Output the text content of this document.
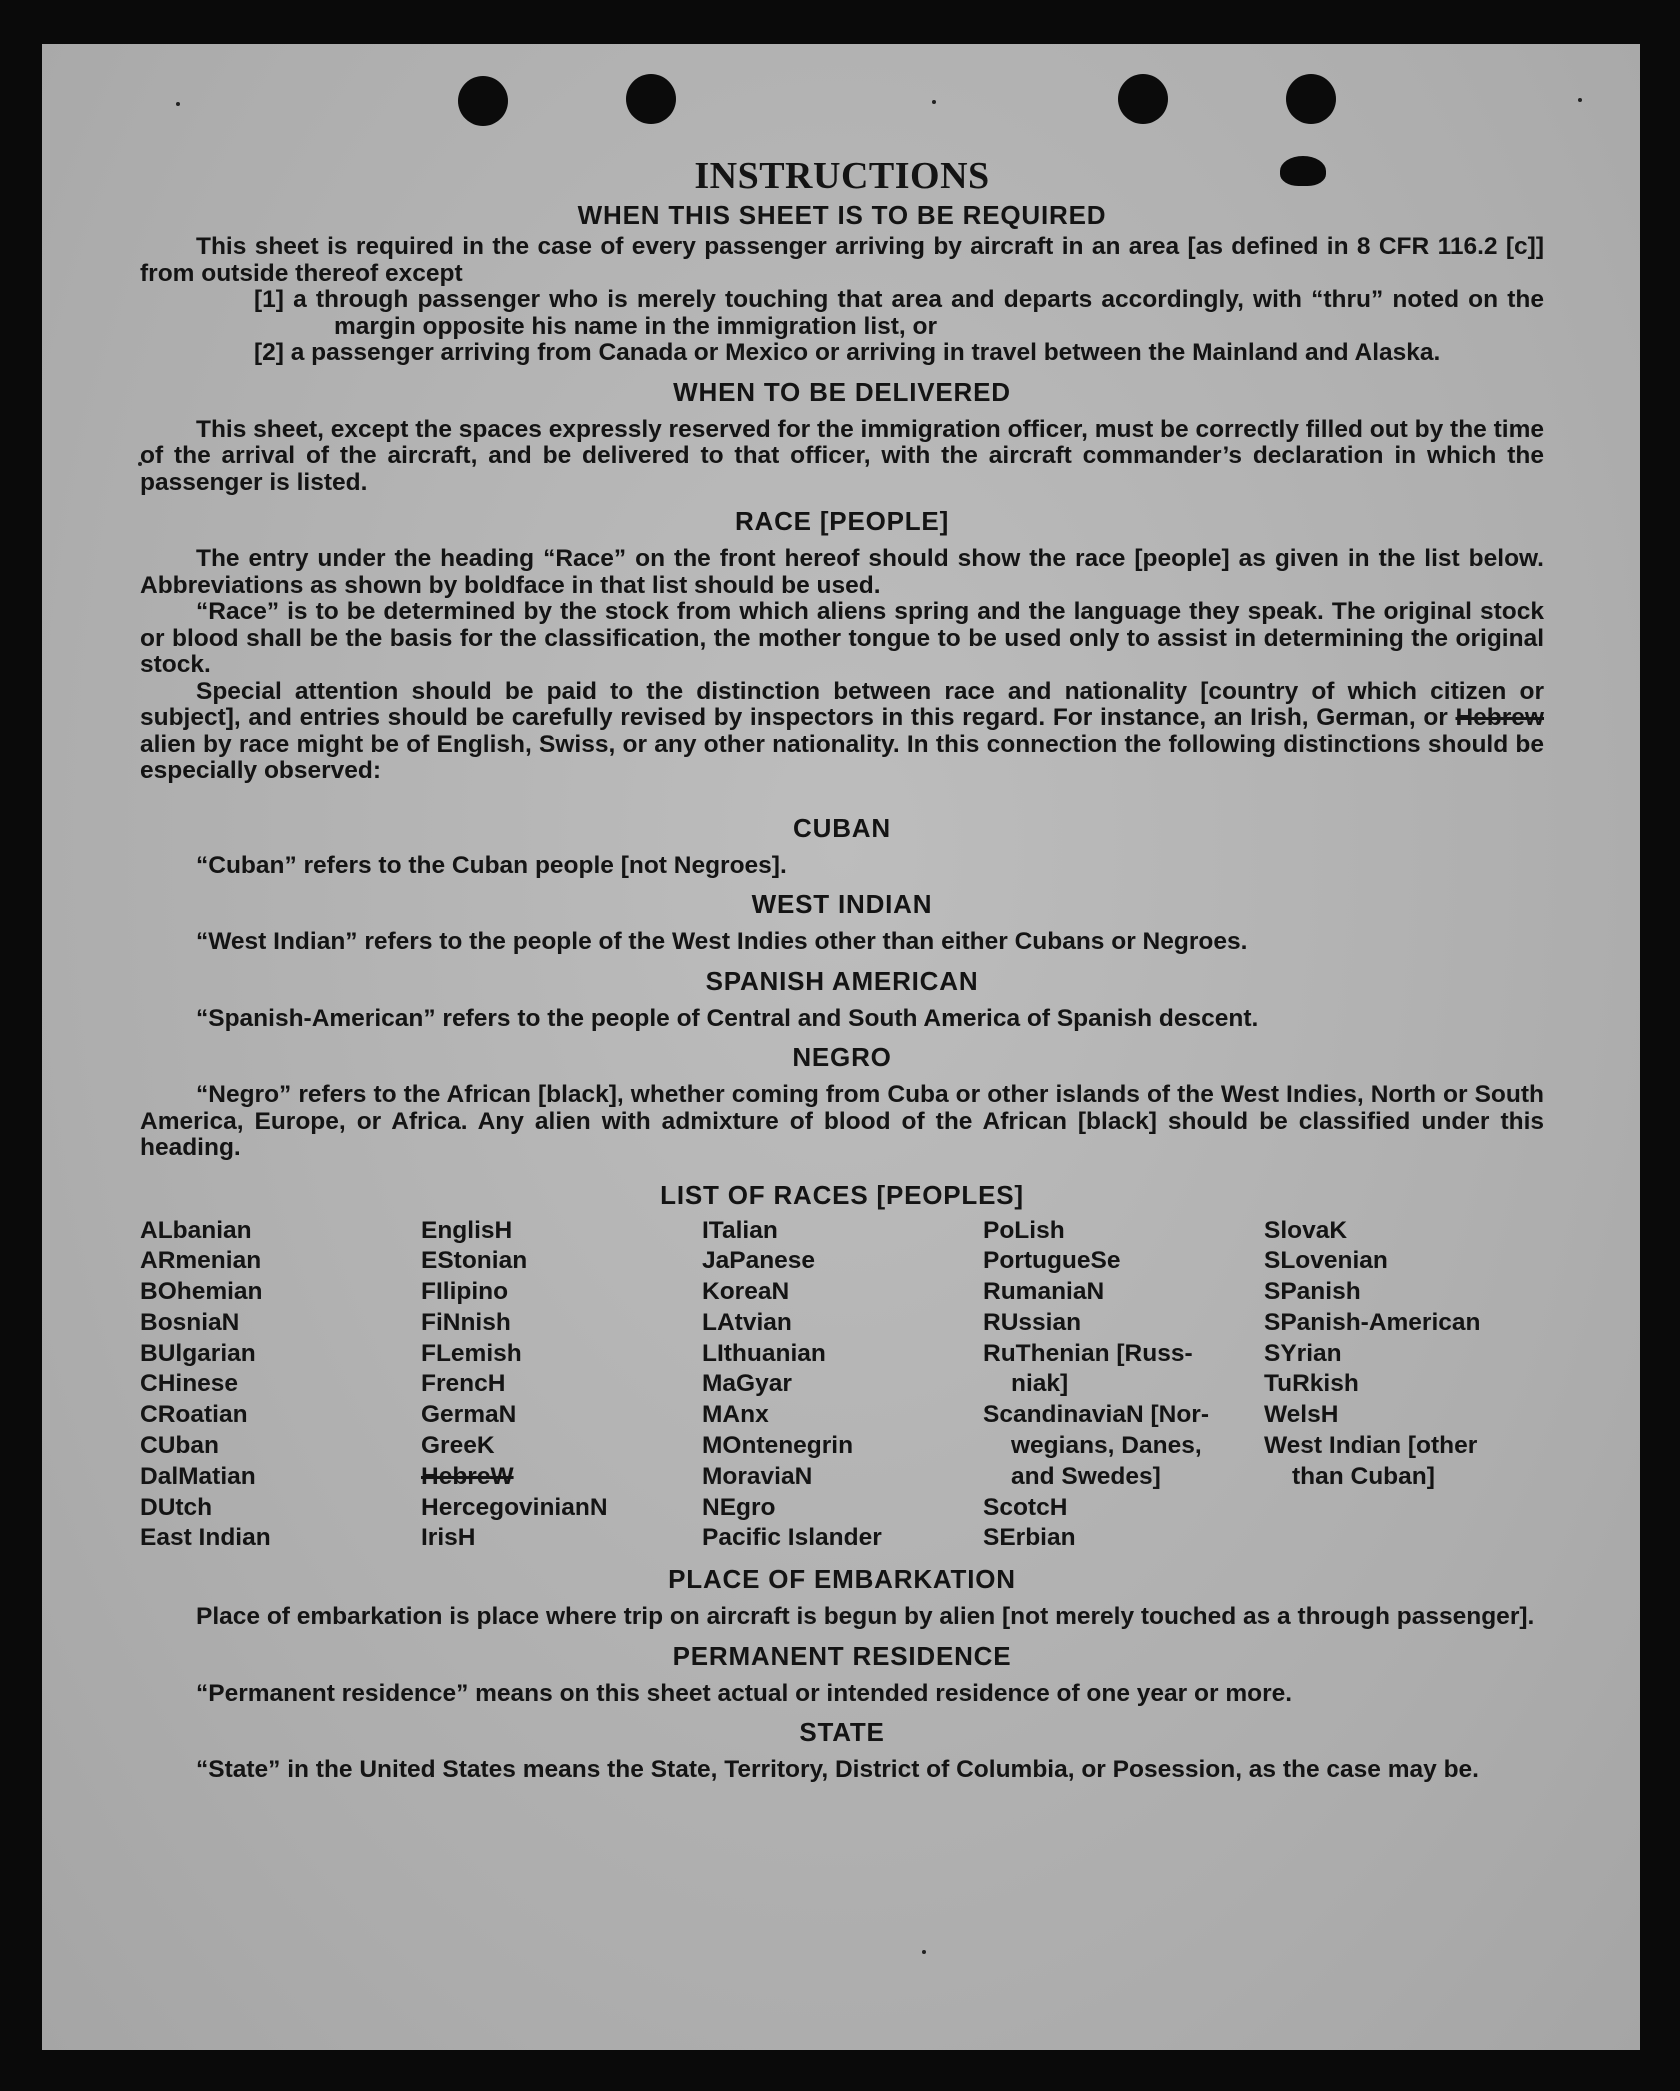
INSTRUCTIONS
WHEN THIS SHEET IS TO BE REQUIRED

This sheet is required in the case of every passenger arriving by aircraft in an area [as defined in 8 CFR 116.2 [c]] from outside thereof except

[1] a through passenger who is merely touching that area and departs accordingly, with “thru” noted on the margin opposite his name in the immigration list, or

[2] a passenger arriving from Canada or Mexico or arriving in travel between the Mainland and Alaska.

WHEN TO BE DELIVERED

This sheet, except the spaces expressly reserved for the immigration officer, must be correctly filled out by the time of the arrival of the aircraft, and be delivered to that officer, with the aircraft commander’s declaration in which the passenger is listed.

RACE [PEOPLE]

The entry under the heading “Race” on the front hereof should show the race [people] as given in the list below. Abbreviations as shown by boldface in that list should be used.

“Race” is to be determined by the stock from which aliens spring and the language they speak. The original stock or blood shall be the basis for the classification, the mother tongue to be used only to assist in determining the original stock.

Special attention should be paid to the distinction between race and nationality [country of which citizen or subject], and entries should be carefully revised by inspectors in this regard. For instance, an Irish, German, or Hebrew alien by race might be of English, Swiss, or any other nationality. In this connection the following distinctions should be especially observed:

CUBAN

“Cuban” refers to the Cuban people [not Negroes].

WEST INDIAN

“West Indian” refers to the people of the West Indies other than either Cubans or Negroes.

SPANISH AMERICAN

“Spanish-American” refers to the people of Central and South America of Spanish descent.

NEGRO

“Negro” refers to the African [black], whether coming from Cuba or other islands of the West Indies, North or South America, Europe, or Africa. Any alien with admixture of blood of the African [black] should be classified under this heading.

LIST OF RACES [PEOPLES]
ALbanian
ARmenian
BOhemian
BosniaN
BUlgarian
CHinese
CRoatian
CUban
DalMatian
DUtch
East Indian
EnglisH
EStonian
FIlipino
FiNnish
FLemish
FrencH
GermaN
GreeK
HebreW
HercegovinianN
IrisH
ITalian
JaPanese
KoreaN
LAtvian
LIthuanian
MaGyar
MAnx
MOntenegrin
MoraviaN
NEgro
Pacific Islander
PoLish
PortugueSe
RumaniaN
RUssian
RuThenian [Russ-
niak]
ScandinaviaN [Nor-
wegians, Danes,
and Swedes]
ScotcH
SErbian
SlovaK
SLovenian
SPanish
SPanish-American
SYrian
TuRkish
WelsH
West Indian [other
than Cuban]
PLACE OF EMBARKATION

Place of embarkation is place where trip on aircraft is begun by alien [not merely touched as a through passenger].

PERMANENT RESIDENCE

“Permanent residence” means on this sheet actual or intended residence of one year or more.

STATE

“State” in the United States means the State, Territory, District of Columbia, or Posession, as the case may be.
